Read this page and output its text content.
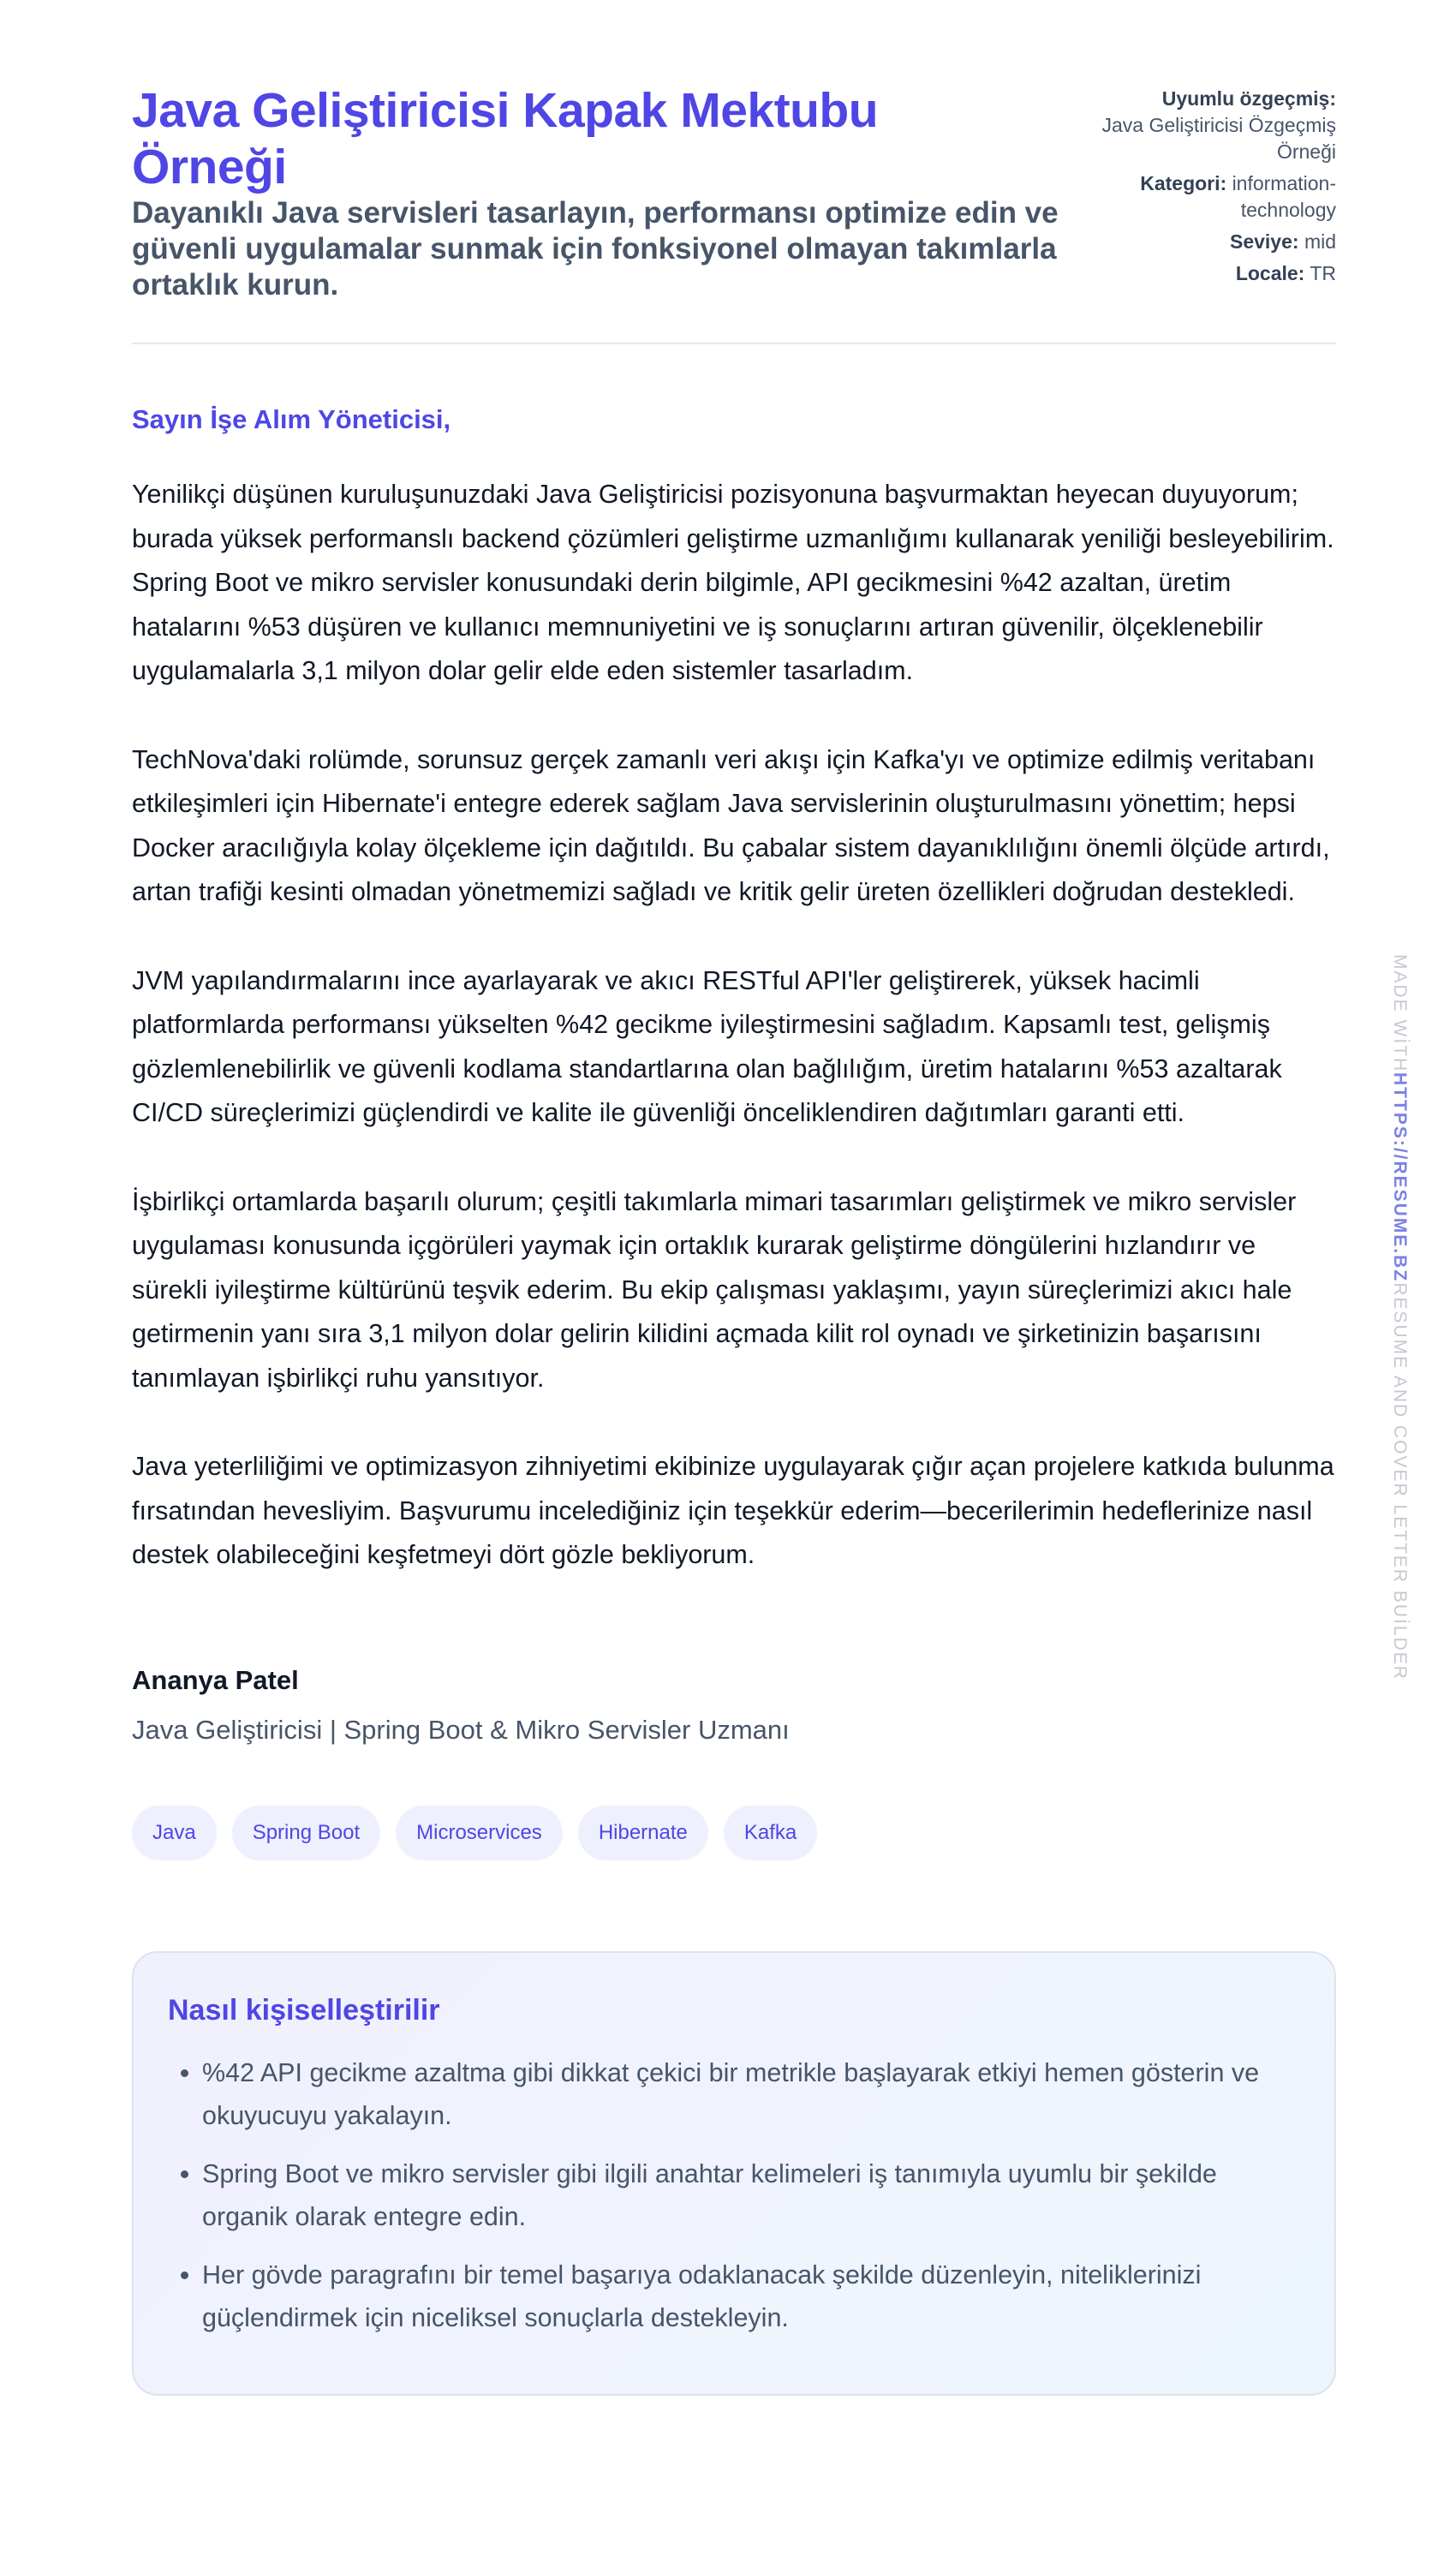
Java Geliştiricisi Kapak Mektubu Örneği
Dayanıklı Java servisleri tasarlayın, performansı optimize edin ve güvenli uygulamalar sunmak için fonksiyonel olmayan takımlarla ortaklık kurun.
Uyumlu özgeçmiş:
Java Geliştiricisi Özgeçmiş Örneği
Kategori: information-technology
Seviye: mid
Locale: TR
Sayın İşe Alım Yöneticisi,

Yenilikçi düşünen kuruluşunuzdaki Java Geliştiricisi pozisyonuna başvurmaktan heyecan duyuyorum; burada yüksek performanslı backend çözümleri geliştirme uzmanlığımı kullanarak yeniliği besleyebilirim. Spring Boot ve mikro servisler konusundaki derin bilgimle, API gecikmesini %42 azaltan, üretim hatalarını %53 düşüren ve kullanıcı memnuniyetini ve iş sonuçlarını artıran güvenilir, ölçeklenebilir uygulamalarla 3,1 milyon dolar gelir elde eden sistemler tasarladım.

TechNova'daki rolümde, sorunsuz gerçek zamanlı veri akışı için Kafka'yı ve optimize edilmiş veritabanı etkileşimleri için Hibernate'i entegre ederek sağlam Java servislerinin oluşturulmasını yönettim; hepsi Docker aracılığıyla kolay ölçekleme için dağıtıldı. Bu çabalar sistem dayanıklılığını önemli ölçüde artırdı, artan trafiği kesinti olmadan yönetmemizi sağladı ve kritik gelir üreten özellikleri doğrudan destekledi.

JVM yapılandırmalarını ince ayarlayarak ve akıcı RESTful API'ler geliştirerek, yüksek hacimli platformlarda performansı yükselten %42 gecikme iyileştirmesini sağladım. Kapsamlı test, gelişmiş gözlemlenebilirlik ve güvenli kodlama standartlarına olan bağlılığım, üretim hatalarını %53 azaltarak CI/CD süreçlerimizi güçlendirdi ve kalite ile güvenliği önceliklendiren dağıtımları garanti etti.

İşbirlikçi ortamlarda başarılı olurum; çeşitli takımlarla mimari tasarımları geliştirmek ve mikro servisler uygulaması konusunda içgörüleri yaymak için ortaklık kurarak geliştirme döngülerini hızlandırır ve sürekli iyileştirme kültürünü teşvik ederim. Bu ekip çalışması yaklaşımı, yayın süreçlerimizi akıcı hale getirmenin yanı sıra 3,1 milyon dolar gelirin kilidini açmada kilit rol oynadı ve şirketinizin başarısını tanımlayan işbirlikçi ruhu yansıtıyor.

Java yeterliliğimi ve optimizasyon zihniyetimi ekibinize uygulayarak çığır açan projelere katkıda bulunma fırsatından hevesliyim. Başvurumu incelediğiniz için teşekkür ederim—becerilerimin hedeflerinize nasıl destek olabileceğini keşfetmeyi dört gözle bekliyorum.

Ananya Patel
Java Geliştiricisi | Spring Boot & Mikro Servisler Uzmanı
Java	Spring Boot	Microservices	Hibernate	Kafka
Nasıl kişiselleştirilir
• %42 API gecikme azaltma gibi dikkat çekici bir metrikle başlayarak etkiyi hemen gösterin ve okuyucuyu yakalayın.
• Spring Boot ve mikro servisler gibi ilgili anahtar kelimeleri iş tanımıyla uyumlu bir şekilde organik olarak entegre edin.
• Her gövde paragrafını bir temel başarıya odaklanacak şekilde düzenleyin, niteliklerinizi güçlendirmek için niceliksel sonuçlarla destekleyin.
MADE WİTHHTTPS://RESUME.BZRESUME AND COVER LETTER BUİLDER
